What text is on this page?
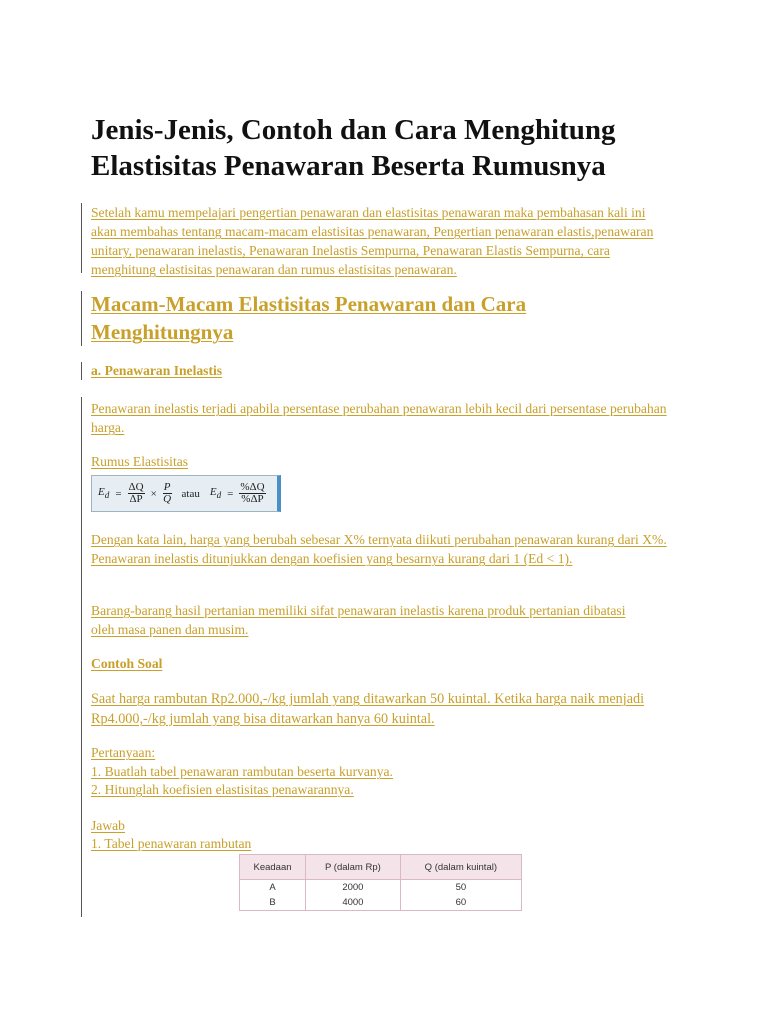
Jenis-Jenis, Contoh dan Cara Menghitung Elastisitas Penawaran Beserta Rumusnya

Setelah kamu mempelajari pengertian penawaran dan elastisitas penawaran maka pembahasan kali ini akan membahas tentang macam-macam elastisitas penawaran, Pengertian penawaran elastis,penawaran unitary, penawaran inelastis, Penawaran Inelastis Sempurna, Penawaran Elastis Sempurna, cara menghitung elastisitas penawaran dan rumus elastisitas penawaran.

Macam-Macam Elastisitas Penawaran dan Cara Menghitungnya
a. Penawaran Inelastis

Penawaran inelastis terjadi apabila persentase perubahan penawaran lebih kecil dari persentase perubahan harga.

Rumus Elastisitas

$E_d = \frac{\Delta Q}{\Delta P} \times \frac{P}{Q}$ atau $E_d = \frac{\%\Delta Q}{\%\Delta P}$

Dengan kata lain, harga yang berubah sebesar X% ternyata diikuti perubahan penawaran kurang dari X%. Penawaran inelastis ditunjukkan dengan koefisien yang besarnya kurang dari 1 (Ed < 1).

Barang-barang hasil pertanian memiliki sifat penawaran inelastis karena produk pertanian dibatasi oleh masa panen dan musim.

Contoh Soal

Saat harga rambutan Rp2.000,-/kg jumlah yang ditawarkan 50 kuintal. Ketika harga naik menjadi Rp4.000,-/kg jumlah yang bisa ditawarkan hanya 60 kuintal.

Pertanyaan:

1. Buatlah tabel penawaran rambutan beserta kurvanya.

2. Hitunglah koefisien elastisitas penawarannya.

Jawab

1. Tabel penawaran rambutan

Keadaan	P (dalam Rp)	Q (dalam kuintal)
A	2000	50
B	4000	60
